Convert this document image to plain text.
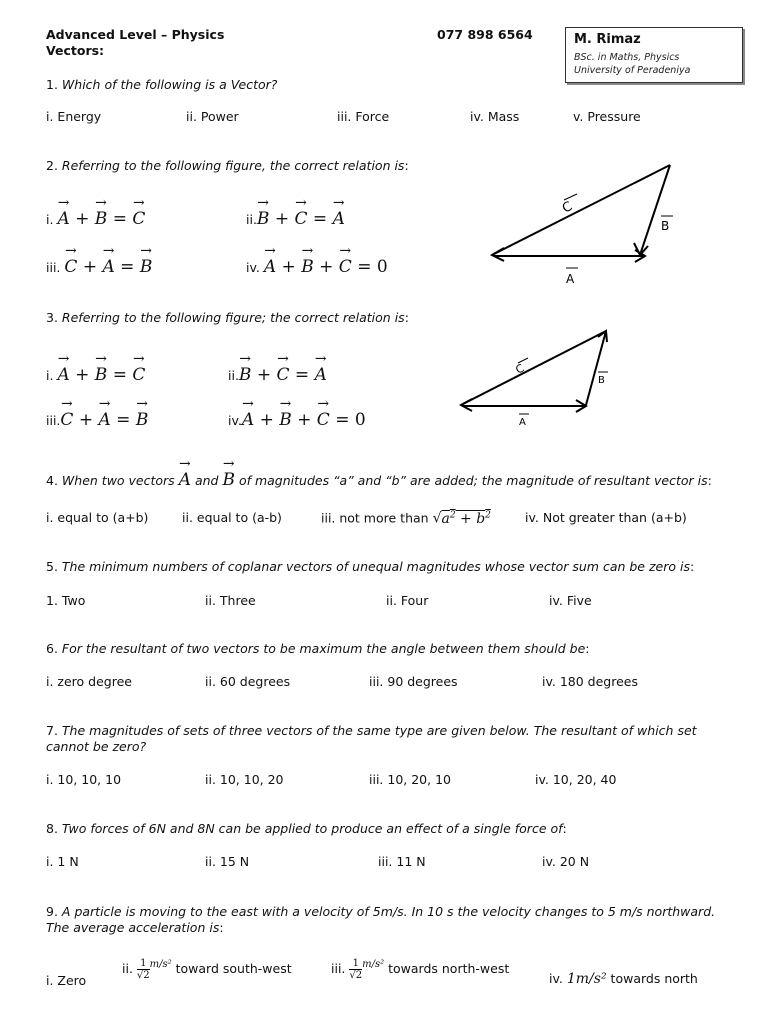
Advanced Level – Physics
Vectors:
077 898 6564	M. Rimaz
BSc. in Maths, Physics
University of Peradeniya
1. Which of the following is a Vector?
i. Energy	ii. Power	iii. Force	iv. Mass	v. Pressure
2. Referring to the following figure, the correct relation is:
i. → A + → B = → C	ii.→ B + → C = → A
iii. → C + → A = → B	iv. → A + → B + → C = 0
C
B
A
3. Referring to the following figure; the correct relation is:
i. → A + → B = → C	ii.→ B + → C = → A
iii.→ C + → A = → B	iv.→ A + → B + → C = 0
C
B
A
4. When two vectors → A and → B of magnitudes “a” and “b” are added; the magnitude of resultant vector is:
i. equal to (a+b)	ii. equal to (a-b)	iii. not more than $√a^2 + b^2$	iv. Not greater than (a+b)
5. The minimum numbers of coplanar vectors of unequal magnitudes whose vector sum can be zero is:
1. Two	ii. Three	ii. Four	iv. Five
6. For the resultant of two vectors to be maximum the angle between them should be:
i. zero degree	ii. 60 degrees	iii. 90 degrees	iv. 180 degrees
7. The magnitudes of sets of three vectors of the same type are given below. The resultant of which set
cannot be zero?
i. 10, 10, 10	ii. 10, 10, 20	iii. 10, 20, 10	iv. 10, 20, 40
8. Two forces of 6N and 8N can be applied to produce an effect of a single force of:
i. 1 N	ii. 15 N	iii. 11 N	iv. 20 N
9. A particle is moving to the east with a velocity of 5m/s. In 10 s the velocity changes to 5 m/s northward.
The average acceleration is:
i. Zero
ii. $\frac{1}{√2} ^{m/s^2}$ toward south-west	iii. $\frac{1}{√2} ^{m/s^2}$ towards north-west
iv. 1m/s² towards north
